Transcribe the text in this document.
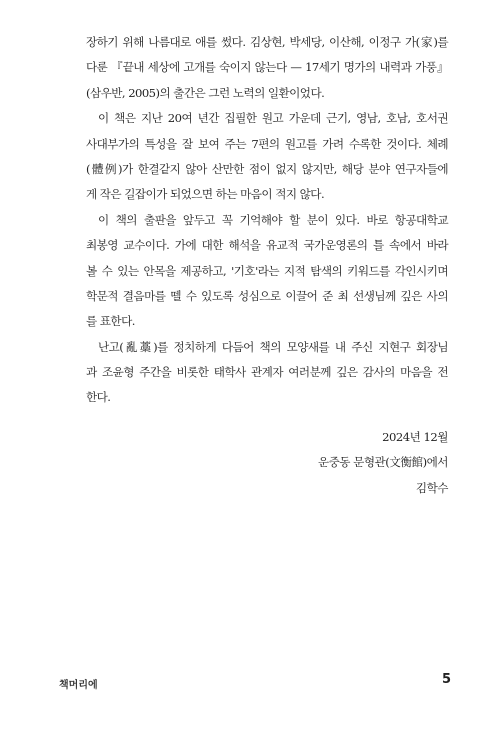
장하기 위해 나름대로 애를 썼다. 김상현, 박세당, 이산해, 이정구 가(家)를
다룬 『끝내 세상에 고개를 숙이지 않는다 — 17세기 명가의 내력과 가풍』
(삼우반, 2005)의 출간은 그런 노력의 일환이었다.
이 책은 지난 20여 년간 집필한 원고 가운데 근기, 영남, 호남, 호서권
사대부가의 특성을 잘 보여 주는 7편의 원고를 가려 수록한 것이다. 체례
(體例)가 한결같지 않아 산만한 점이 없지 않지만, 해당 분야 연구자들에
게 작은 길잡이가 되었으면 하는 마음이 적지 않다.
이 책의 출판을 앞두고 꼭 기억해야 할 분이 있다. 바로 항공대학교
최봉영 교수이다. 가에 대한 해석을 유교적 국가운영론의 틀 속에서 바라
볼 수 있는 안목을 제공하고, '기호'라는 지적 탐색의 키워드를 각인시키며
학문적 결음마를 뗄 수 있도록 성심으로 이끌어 준 최 선생님께 깊은 사의
를 표한다.
난고(亂藁)를 정치하게 다듬어 책의 모양새를 내 주신 지현구 회장님
과 조윤형 주간을 비롯한 태학사 관계자 여러분께 깊은 감사의 마음을 전
한다.
2024년 12월
운중동 문형관(文衡館)에서
김학수
책머리에	5
